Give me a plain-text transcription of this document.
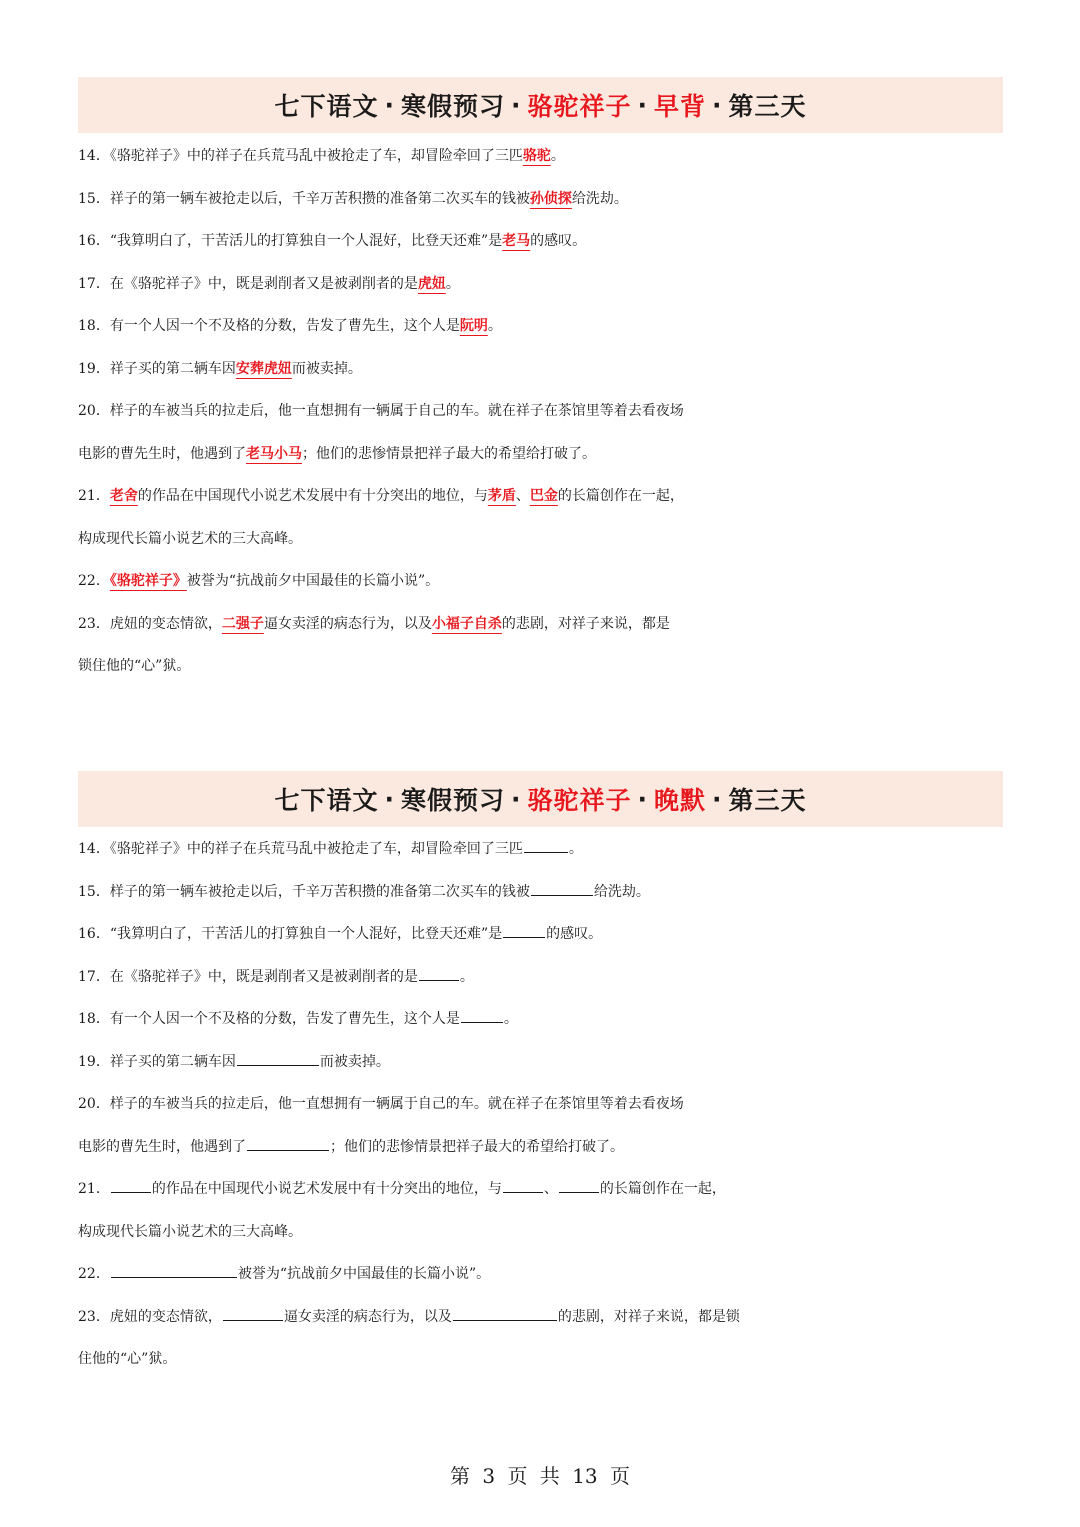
七下语文 · 寒假预习 · 骆驼祥子 · 早背 · 第三天
14．《骆驼祥子》中的祥子在兵荒马乱中被抢走了车，却冒险牵回了三匹骆驼。
15．祥子的第一辆车被抢走以后，千辛万苦积攒的准备第二次买车的钱被孙侦探给洗劫。
16．“我算明白了，干苦活儿的打算独自一个人混好，比登天还难”是老马的感叹。
17．在《骆驼祥子》中，既是剥削者又是被剥削者的是虎妞。
18．有一个人因一个不及格的分数，告发了曹先生，这个人是阮明。
19．祥子买的第二辆车因安葬虎妞而被卖掉。
20．样子的车被当兵的拉走后，他一直想拥有一辆属于自己的车。就在祥子在茶馆里等着去看夜场
电影的曹先生时，他遇到了老马小马；他们的悲惨情景把祥子最大的希望给打破了。
21．老舍的作品在中国现代小说艺术发展中有十分突出的地位，与茅盾、巴金的长篇创作在一起，
构成现代长篇小说艺术的三大高峰。
22．《骆驼祥子》被誉为“抗战前夕中国最佳的长篇小说”。
23．虎妞的变态情欲，二强子逼女卖淫的病态行为，以及小福子自杀的悲剧，对祥子来说，都是
锁住他的“心”狱。
七下语文 · 寒假预习 · 骆驼祥子 · 晚默 · 第三天
14．《骆驼祥子》中的祥子在兵荒马乱中被抢走了车，却冒险牵回了三匹	。
15．样子的第一辆车被抢走以后，千辛万苦积攒的准备第二次买车的钱被	给洗劫。
16．“我算明白了，干苦活儿的打算独自一个人混好，比登天还难”是	的感叹。
17．在《骆驼祥子》中，既是剥削者又是被剥削者的是	。
18．有一个人因一个不及格的分数，告发了曹先生，这个人是	。
19．祥子买的第二辆车因	而被卖掉。
20．样子的车被当兵的拉走后，他一直想拥有一辆属于自己的车。就在祥子在茶馆里等着去看夜场
电影的曹先生时，他遇到了	；他们的悲惨情景把祥子最大的希望给打破了。
21．	的作品在中国现代小说艺术发展中有十分突出的地位，与	、	的长篇创作在一起，
构成现代长篇小说艺术的三大高峰。
22．	被誉为“抗战前夕中国最佳的长篇小说”。
23．虎妞的变态情欲，	逼女卖淫的病态行为，以及	的悲剧，对祥子来说，都是锁
住他的“心”狱。
第 3 页 共 13 页
